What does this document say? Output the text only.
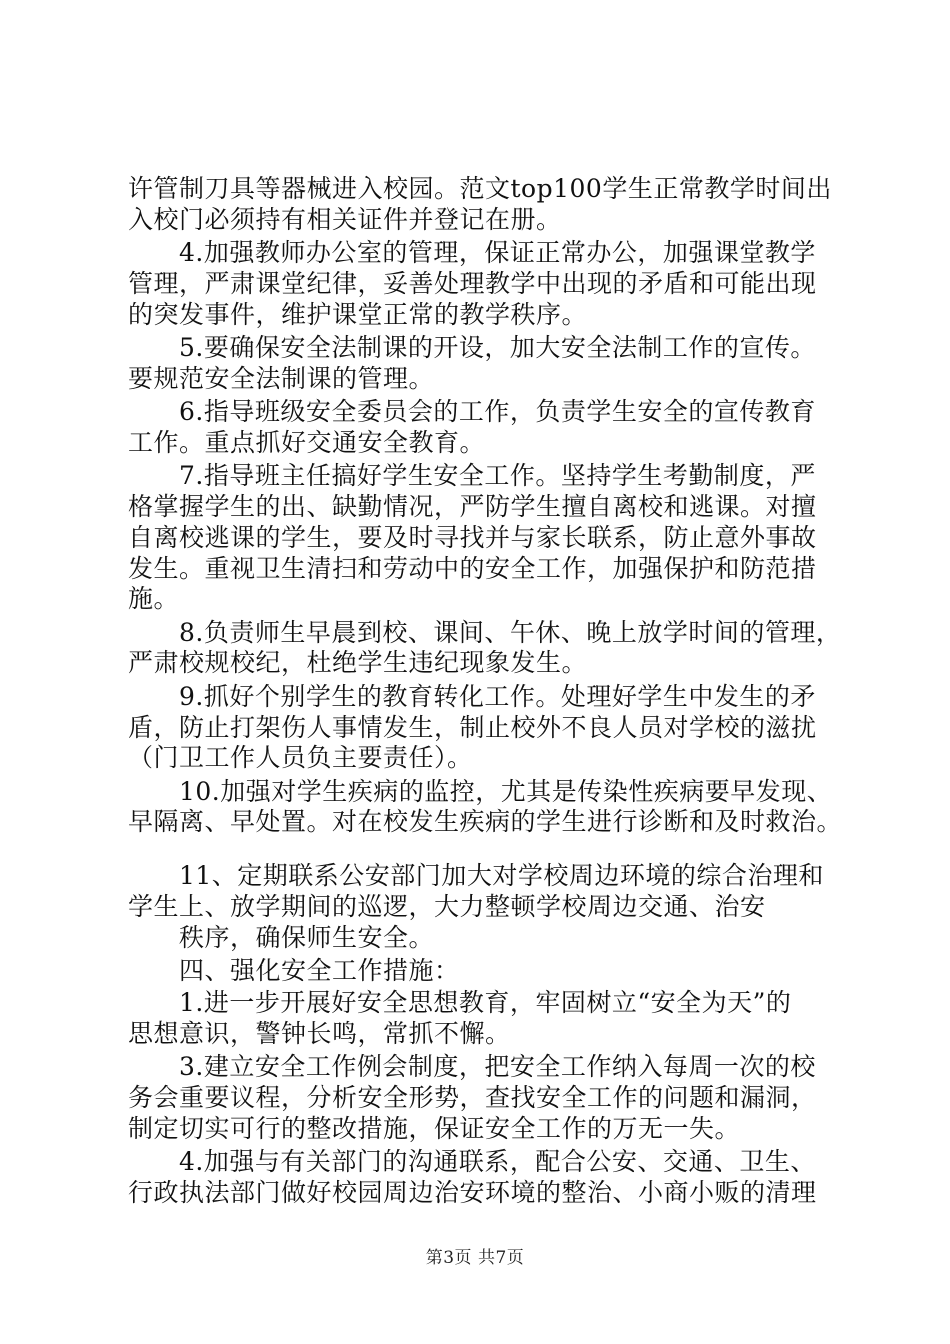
许管制刀具等器械进入校园。范文top100学生正常教学时间出
入校门必须持有相关证件并登记在册。
　　4.加强教师办公室的管理，保证正常办公，加强课堂教学
管理，严肃课堂纪律，妥善处理教学中出现的矛盾和可能出现
的突发事件，维护课堂正常的教学秩序。
　　5.要确保安全法制课的开设，加大安全法制工作的宣传。
要规范安全法制课的管理。
　　6.指导班级安全委员会的工作，负责学生安全的宣传教育
工作。重点抓好交通安全教育。
　　7.指导班主任搞好学生安全工作。坚持学生考勤制度，严
格掌握学生的出、缺勤情况，严防学生擅自离校和逃课。对擅
自离校逃课的学生，要及时寻找并与家长联系，防止意外事故
发生。重视卫生清扫和劳动中的安全工作，加强保护和防范措
施。
　　8.负责师生早晨到校、课间、午休、晚上放学时间的管理，
严肃校规校纪，杜绝学生违纪现象发生。
　　9.抓好个别学生的教育转化工作。处理好学生中发生的矛
盾，防止打架伤人事情发生，制止校外不良人员对学校的滋扰
（门卫工作人员负主要责任）。
　　10.加强对学生疾病的监控，尤其是传染性疾病要早发现、
早隔离、早处置。对在校发生疾病的学生进行诊断和及时救治。
　　11、定期联系公安部门加大对学校周边环境的综合治理和
学生上、放学期间的巡逻，大力整顿学校周边交通、治安
　　秩序，确保师生安全。
　　四、强化安全工作措施：
　　1.进一步开展好安全思想教育，牢固树立“安全为天”的
思想意识，警钟长鸣，常抓不懈。
　　3.建立安全工作例会制度，把安全工作纳入每周一次的校
务会重要议程，分析安全形势，查找安全工作的问题和漏洞，
制定切实可行的整改措施，保证安全工作的万无一失。
第3页 共7页
　　4.加强与有关部门的沟通联系，配合公安、交通、卫生、
行政执法部门做好校园周边治安环境的整治、小商小贩的清理
